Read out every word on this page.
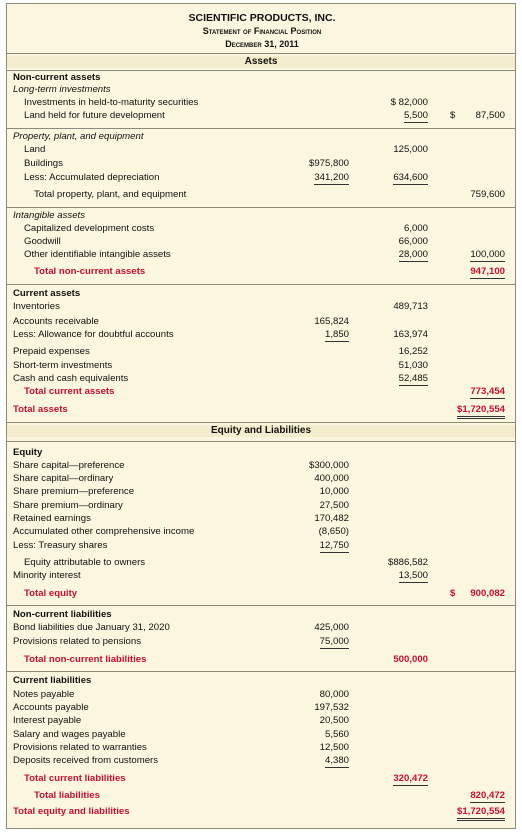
SCIENTIFIC PRODUCTS, INC.
Statement of Financial Position
December 31, 2011
Assets
Non-current assets
Long-term investments
Investments in held-to-maturity securities	$ 82,000
Land held for future development	5,500 $ 87,500
Property, plant, and equipment
Land	125,000
Buildings	$975,800
Less: Accumulated depreciation	341,200	634,600
Total property, plant, and equipment	759,600
Intangible assets
Capitalized development costs	6,000
Goodwill	66,000
Other identifiable intangible assets	28,000	100,000
Total non-current assets	947,100
Current assets
Inventories	489,713
Accounts receivable	165,824
Less: Allowance for doubtful accounts	1,850	163,974
Prepaid expenses	16,252
Short-term investments	51,030
Cash and cash equivalents	52,485
Total current assets	773,454
Total assets	$1,720,554
Equity and Liabilities
Equity
Share capital—preference	$300,000
Share capital—ordinary	400,000
Share premium—preference	10,000
Share premium—ordinary	27,500
Retained earnings	170,482
Accumulated other comprehensive income	(8,650)
Less: Treasury shares	12,750
Equity attributable to owners	$886,582
Minority interest	13,500
Total equity	$ 900,082
Non-current liabilities
Bond liabilities due January 31, 2020	425,000
Provisions related to pensions	75,000
Total non-current liabilities	500,000
Current liabilities
Notes payable	80,000
Accounts payable	197,532
Interest payable	20,500
Salary and wages payable	5,560
Provisions related to warranties	12,500
Deposits received from customers	4,380
Total current liabilities	320,472
Total liabilities	820,472
Total equity and liabilities	$1,720,554
